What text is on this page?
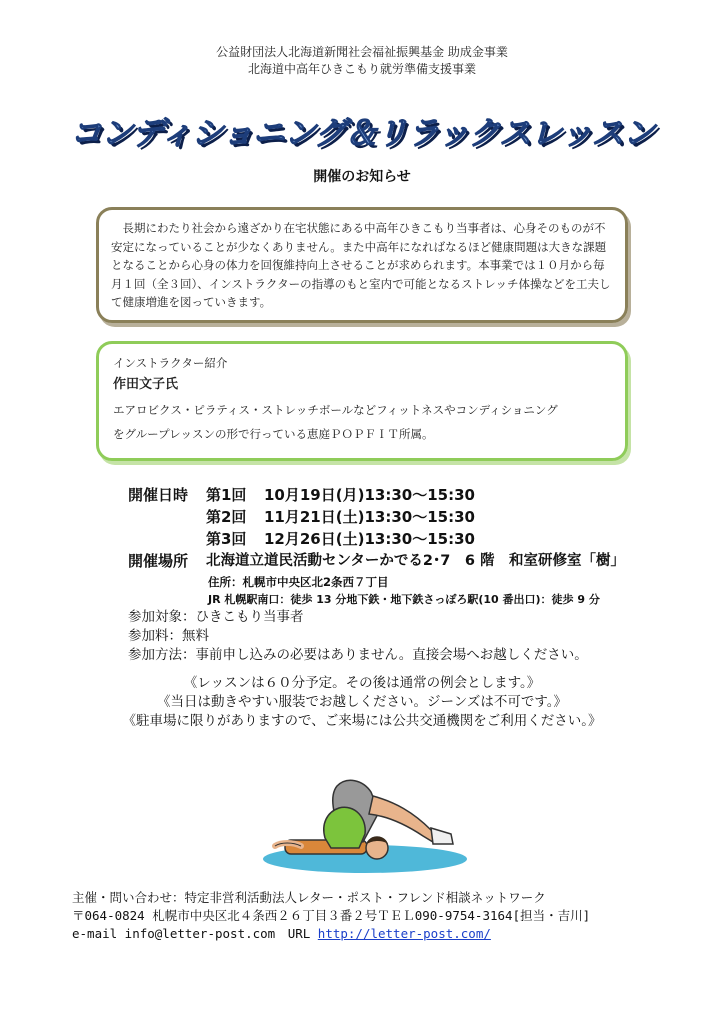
公益財団法人北海道新聞社会福祉振興基金 助成金事業
北海道中高年ひきこもり就労準備支援事業
コンディショニング＆リラックスレッスン
開催のお知らせ
長期にわたり社会から遠ざかり在宅状態にある中高年ひきこもり当事者は、心身そのものが不安定になっていることが少なくありません。また中高年になればなるほど健康問題は大きな課題となることから心身の体力を回復維持向上させることが求められます。本事業では１０月から毎月１回（全３回）、インストラクターの指導のもと室内で可能となるストレッチ体操などを工夫して健康増進を図っていきます。
インストラクター紹介
作田文子氏
エアロビクス・ピラティス・ストレッチボールなどフィットネスやコンディショニング
をグループレッスンの形で行っている恵庭ＰＯＰＦＩＴ所属。
開催日時 第1回 10月19日(月)13:30～15:30
第2回 11月21日(土)13:30～15:30
第3回 12月26日(土)13:30～15:30
開催場所 北海道立道民活動センターかでる2･7　6 階　和室研修室「樹」
住所：札幌市中央区北2条西７丁目
JR 札幌駅南口：徒歩 13 分地下鉄・地下鉄さっぽろ駅(10 番出口)：徒歩 9 分
参加対象：ひきこもり当事者
参加料：無料
参加方法：事前申し込みの必要はありません。直接会場へお越しください。
《レッスンは６０分予定。その後は通常の例会とします。》
《当日は動きやすい服装でお越しください。ジーンズは不可です。》
《駐車場に限りがありますので、ご来場には公共交通機関をご利用ください。》
主催・問い合わせ：特定非営利活動法人レター・ポスト・フレンド相談ネットワーク
〒064-0824 札幌市中央区北４条西２６丁目３番２号ＴＥＬ090-9754-3164[担当・吉川]
e-mail info@letter-post.com　URL http://letter-post.com/
